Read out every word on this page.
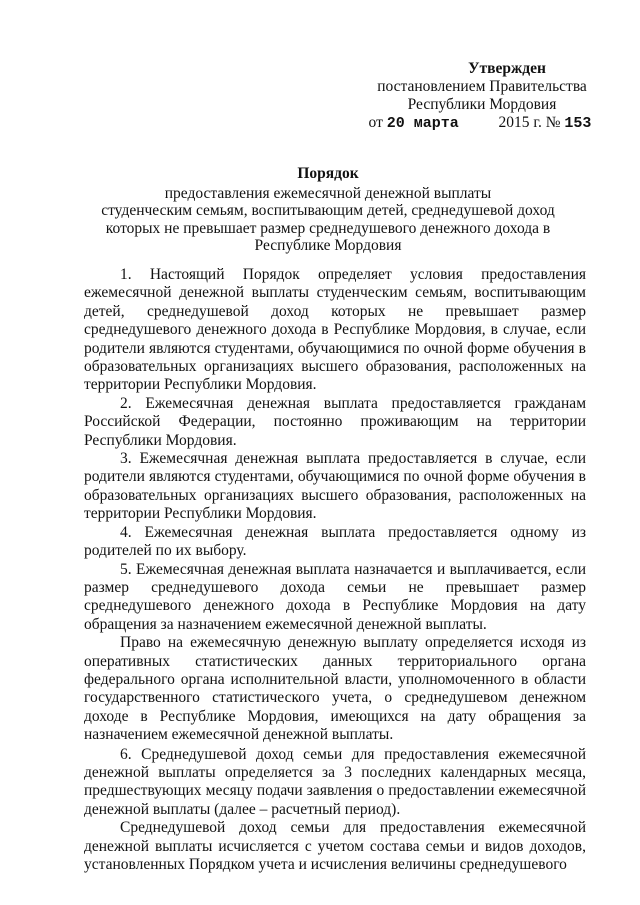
Утвержден
постановлением Правительства
Республики Мордовия
от 20 марта	2015 г. № 153
Порядок
предоставления ежемесячной денежной выплаты
студенческим семьям, воспитывающим детей, среднедушевой доход
которых не превышает размер среднедушевого денежного дохода в
Республике Мордовия

1. Настоящий Порядок определяет условия предоставления ежемесячной денежной выплаты студенческим семьям, воспитывающим детей, среднедушевой доход которых не превышает размер среднедушевого денежного дохода в Республике Мордовия, в случае, если родители являются студентами, обучающимися по очной форме обучения в образовательных организациях высшего образования, расположенных на территории Республики Мордовия.

2. Ежемесячная денежная выплата предоставляется гражданам Российской Федерации, постоянно проживающим на территории Республики Мордовия.

3. Ежемесячная денежная выплата предоставляется в случае, если родители являются студентами, обучающимися по очной форме обучения в образовательных организациях высшего образования, расположенных на территории Республики Мордовия.

4. Ежемесячная денежная выплата предоставляется одному из родителей по их выбору.

5. Ежемесячная денежная выплата назначается и выплачивается, если размер среднедушевого дохода семьи не превышает размер среднедушевого денежного дохода в Республике Мордовия на дату обращения за назначением ежемесячной денежной выплаты.

Право на ежемесячную денежную выплату определяется исходя из оперативных статистических данных территориального органа федерального органа исполнительной власти, уполномоченного в области государственного статистического учета, о среднедушевом денежном доходе в Республике Мордовия, имеющихся на дату обращения за назначением ежемесячной денежной выплаты.

6. Среднедушевой доход семьи для предоставления ежемесячной денежной выплаты определяется за 3 последних календарных месяца, предшествующих месяцу подачи заявления о предоставлении ежемесячной денежной выплаты (далее – расчетный период).

Среднедушевой доход семьи для предоставления ежемесячной денежной выплаты исчисляется с учетом состава семьи и видов доходов, установленных Порядком учета и исчисления величины среднедушевого
